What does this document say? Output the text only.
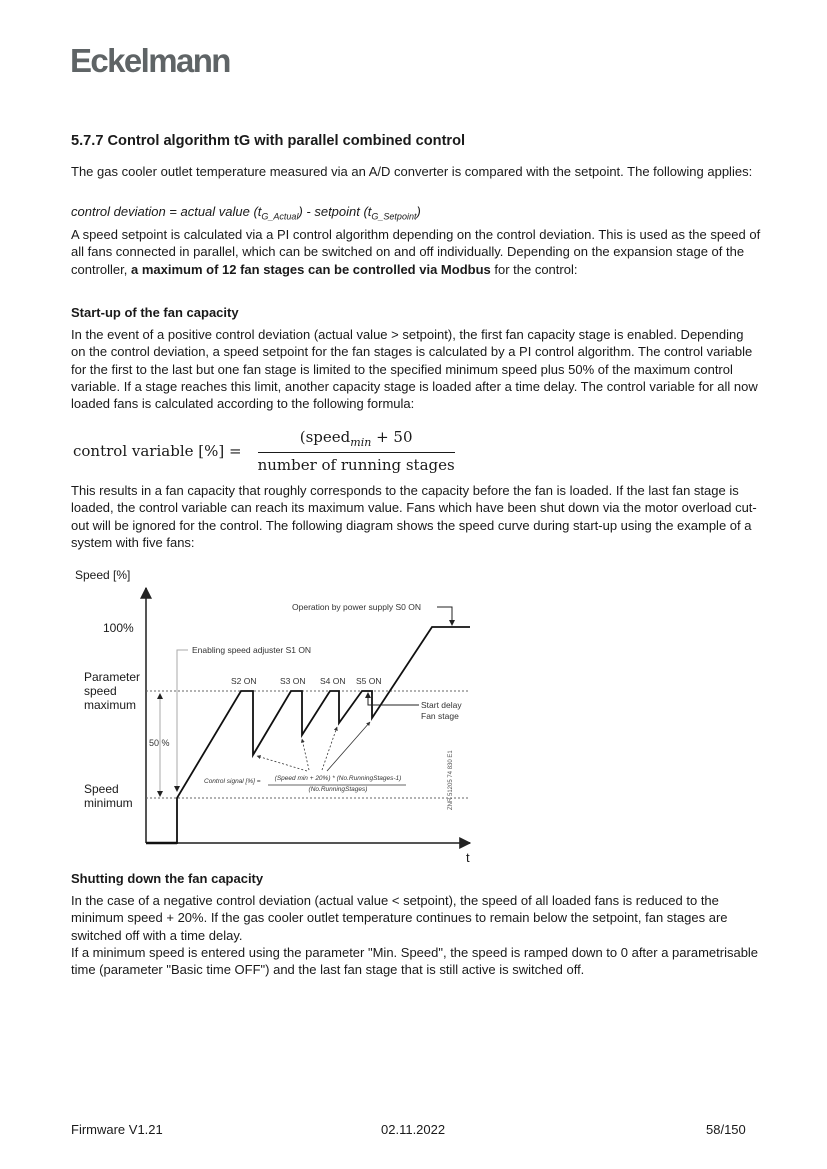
Eckelmann
5.7.7 Control algorithm tG with parallel combined control

The gas cooler outlet temperature measured via an A/D converter is compared with the setpoint. The following applies:

control deviation = actual value $(t_{G\_Actual})$ - setpoint $(t_{G\_Setpoint})$

A speed setpoint is calculated via a PI control algorithm depending on the control deviation. This is used as the speed of all fans connected in parallel, which can be switched on and off individually. Depending on the expansion stage of the controller, a maximum of 12 fan stages can be controlled via Modbus for the control:

Start-up of the fan capacity

In the event of a positive control deviation (actual value > setpoint), the first fan capacity stage is enabled. Depending on the control deviation, a speed setpoint for the fan stages is calculated by a PI control algorithm. The control variable for the first to the last but one fan stage is limited to the specified minimum speed plus 50% of the maximum control variable. If a stage reaches this limit, another capacity stage is loaded after a time delay. The control variable for all now loaded fans is calculated according to the following formula:

control variable [%] = $\frac{(speed_{min} + 50}{\text{number of running stages}}$

This results in a fan capacity that roughly corresponds to the capacity before the fan is loaded. If the last fan stage is loaded, the control variable can reach its maximum value. Fans which have been shut down via the motor overload cut-out will be ignored for the control. The following diagram shows the speed curve during start-up using the example of a system with five fans:

Speed [%]
100%
Parameter
speed
maximum
Speed
minimum
50 %
Operation by power supply S0 ON
Enabling speed adjuster S1 ON
S2 ON	S3 ON S4 ON S5 ON
Start delay
Fan stage
Control signal [%] =	(Speed min + 20%) * (No.RunningStages-1)
(No.RunningStages)
t
ZNR 51205 74 830 E1
Shutting down the fan capacity

In the case of a negative control deviation (actual value < setpoint), the speed of all loaded fans is reduced to the minimum speed + 20%. If the gas cooler outlet temperature continues to remain below the setpoint, fan stages are switched off with a time delay.

If a minimum speed is entered using the parameter "Min. Speed", the speed is ramped down to 0 after a parametrisable time (parameter "Basic time OFF") and the last fan stage that is still active is switched off.

Firmware V1.21	02.11.2022	58/150
